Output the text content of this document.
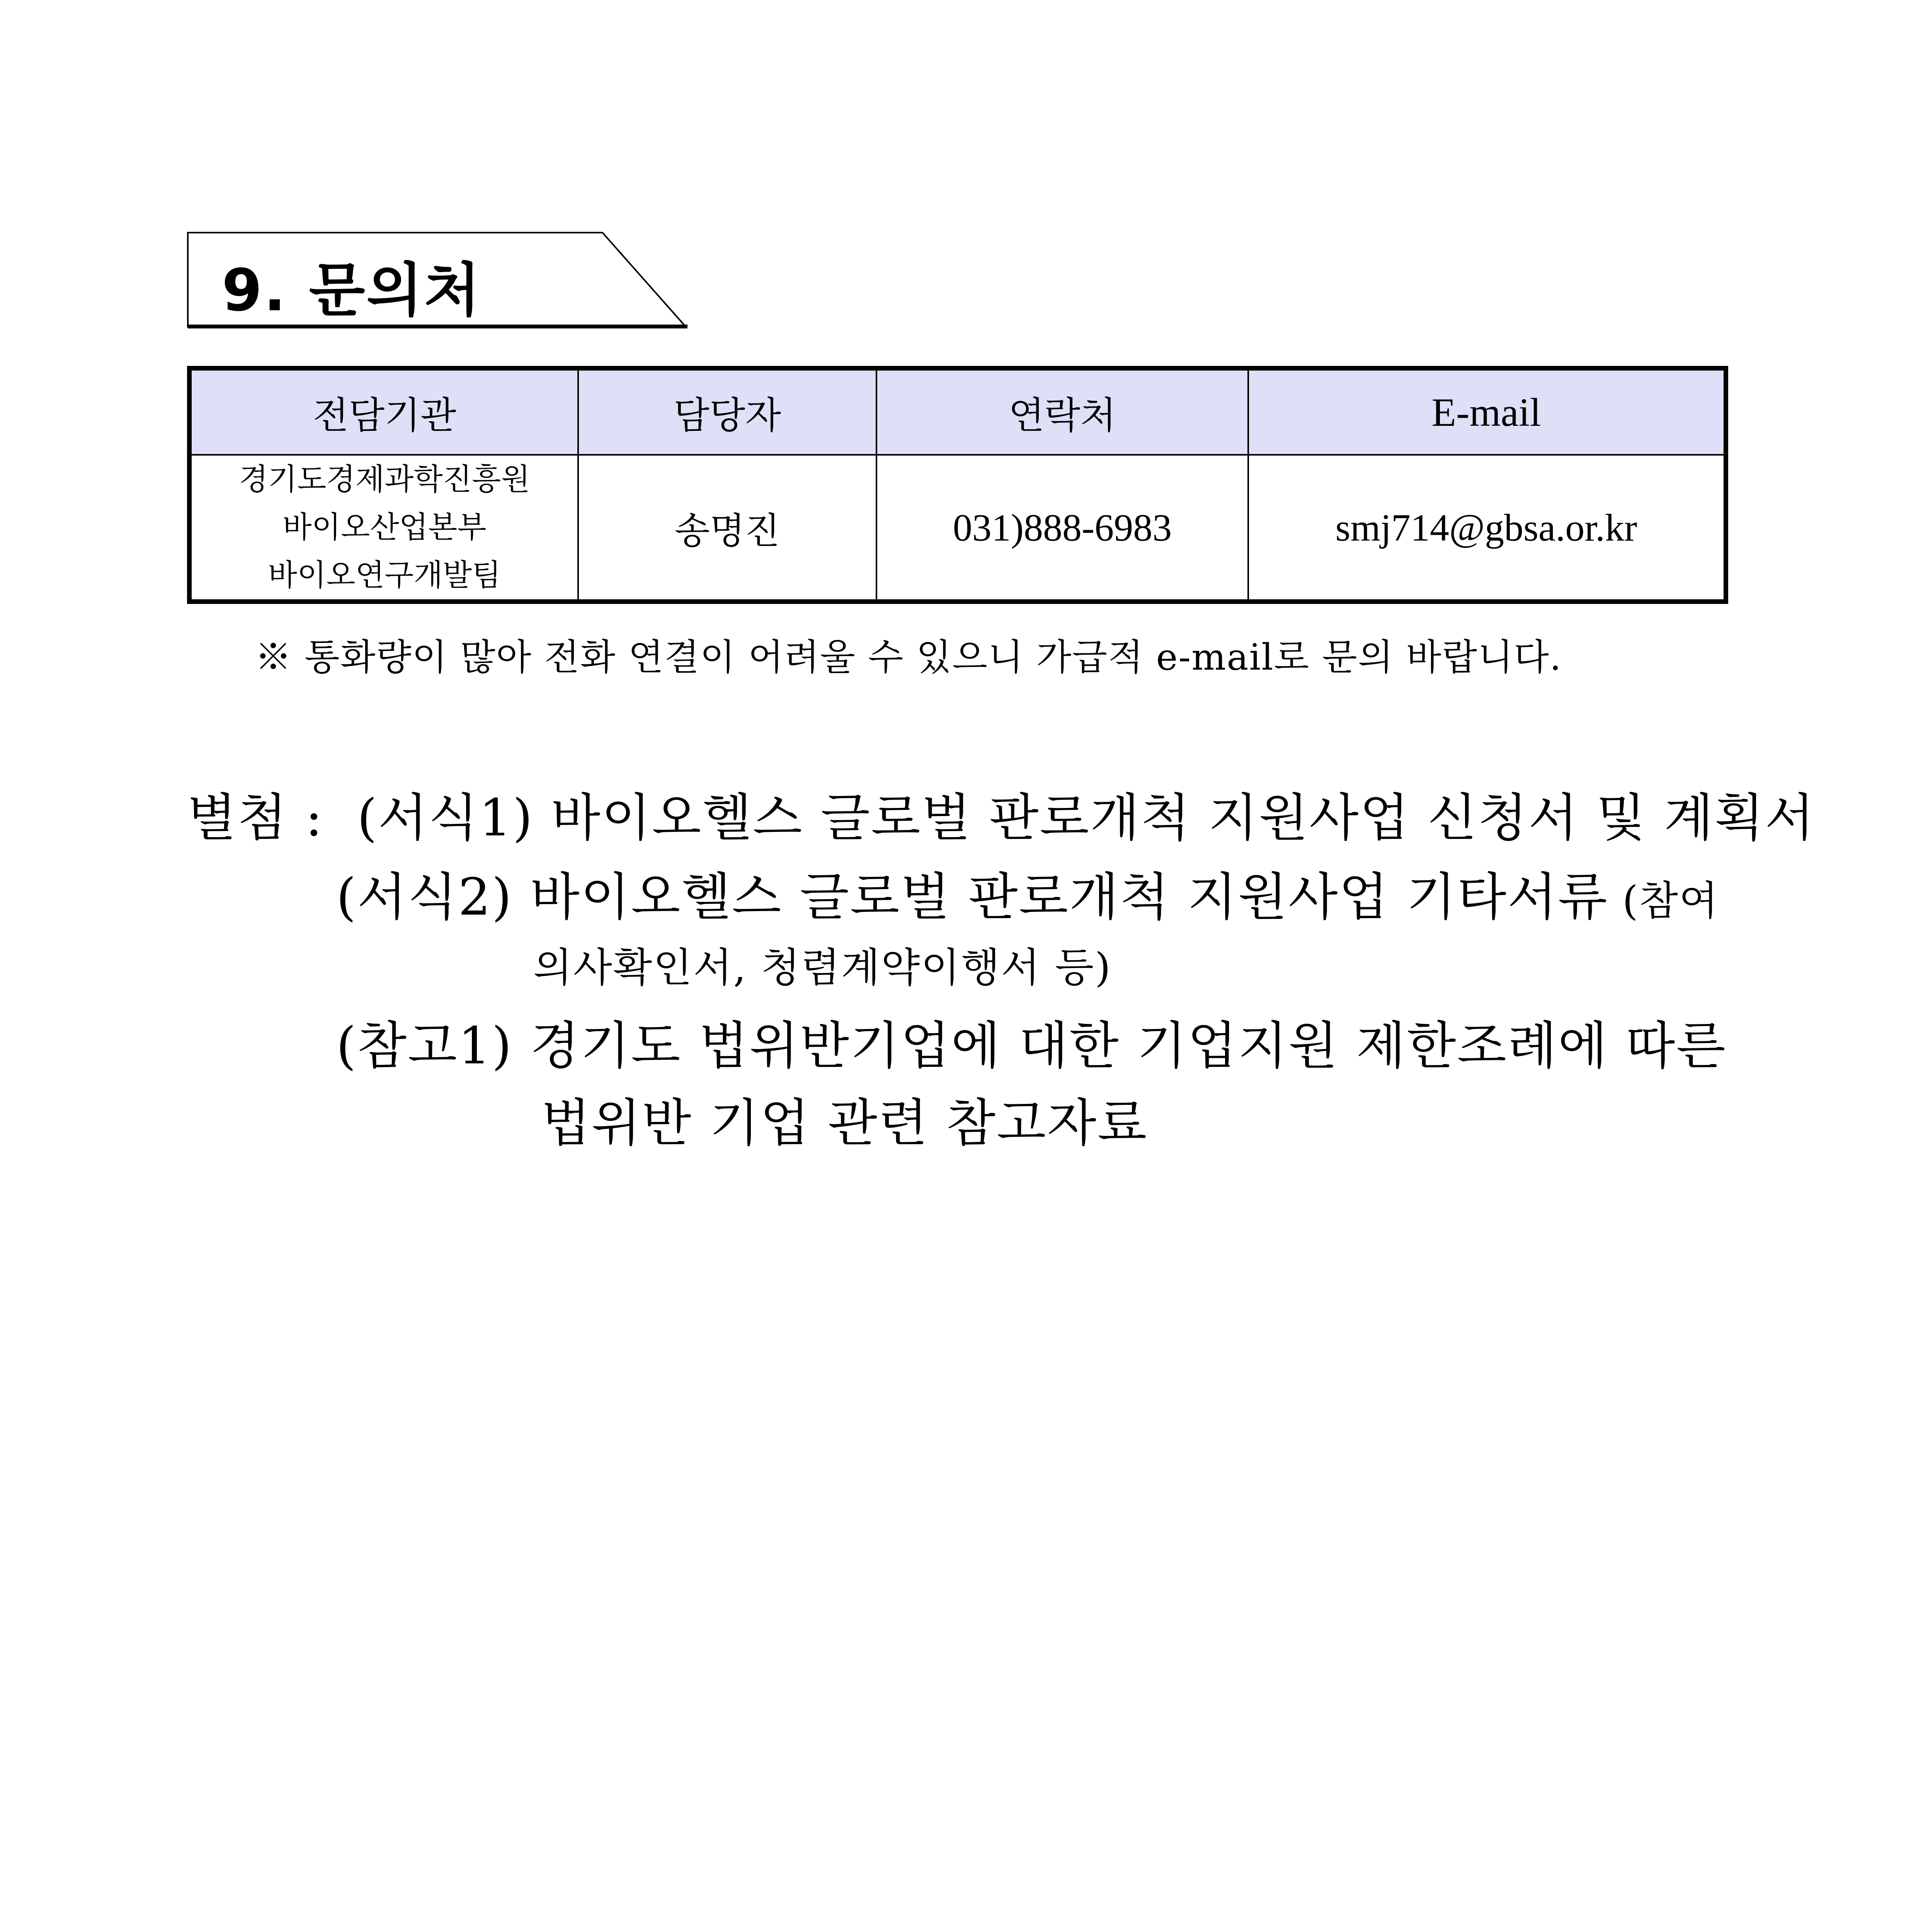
9. 문의처
전담기관	담당자	연락처	E-mail

경기도경제과학진흥원
바이오산업본부
바이오연구개발팀	송명진	031)888-6983	smj714@gbsa.or.kr
※ 통화량이 많아 전화 연결이 어려울 수 있으니 가급적 e-mail로 문의 바랍니다.
별첨 : (서식1) 바이오헬스 글로벌 판로개척 지원사업 신청서 및 계획서
(서식2) 바이오헬스 글로벌 판로개척 지원사업 기타서류 (참여
의사확인서, 청렴계약이행서 등)
(참고1) 경기도 법위반기업에 대한 기업지원 제한조례에 따른
법위반 기업 관련 참고자료
